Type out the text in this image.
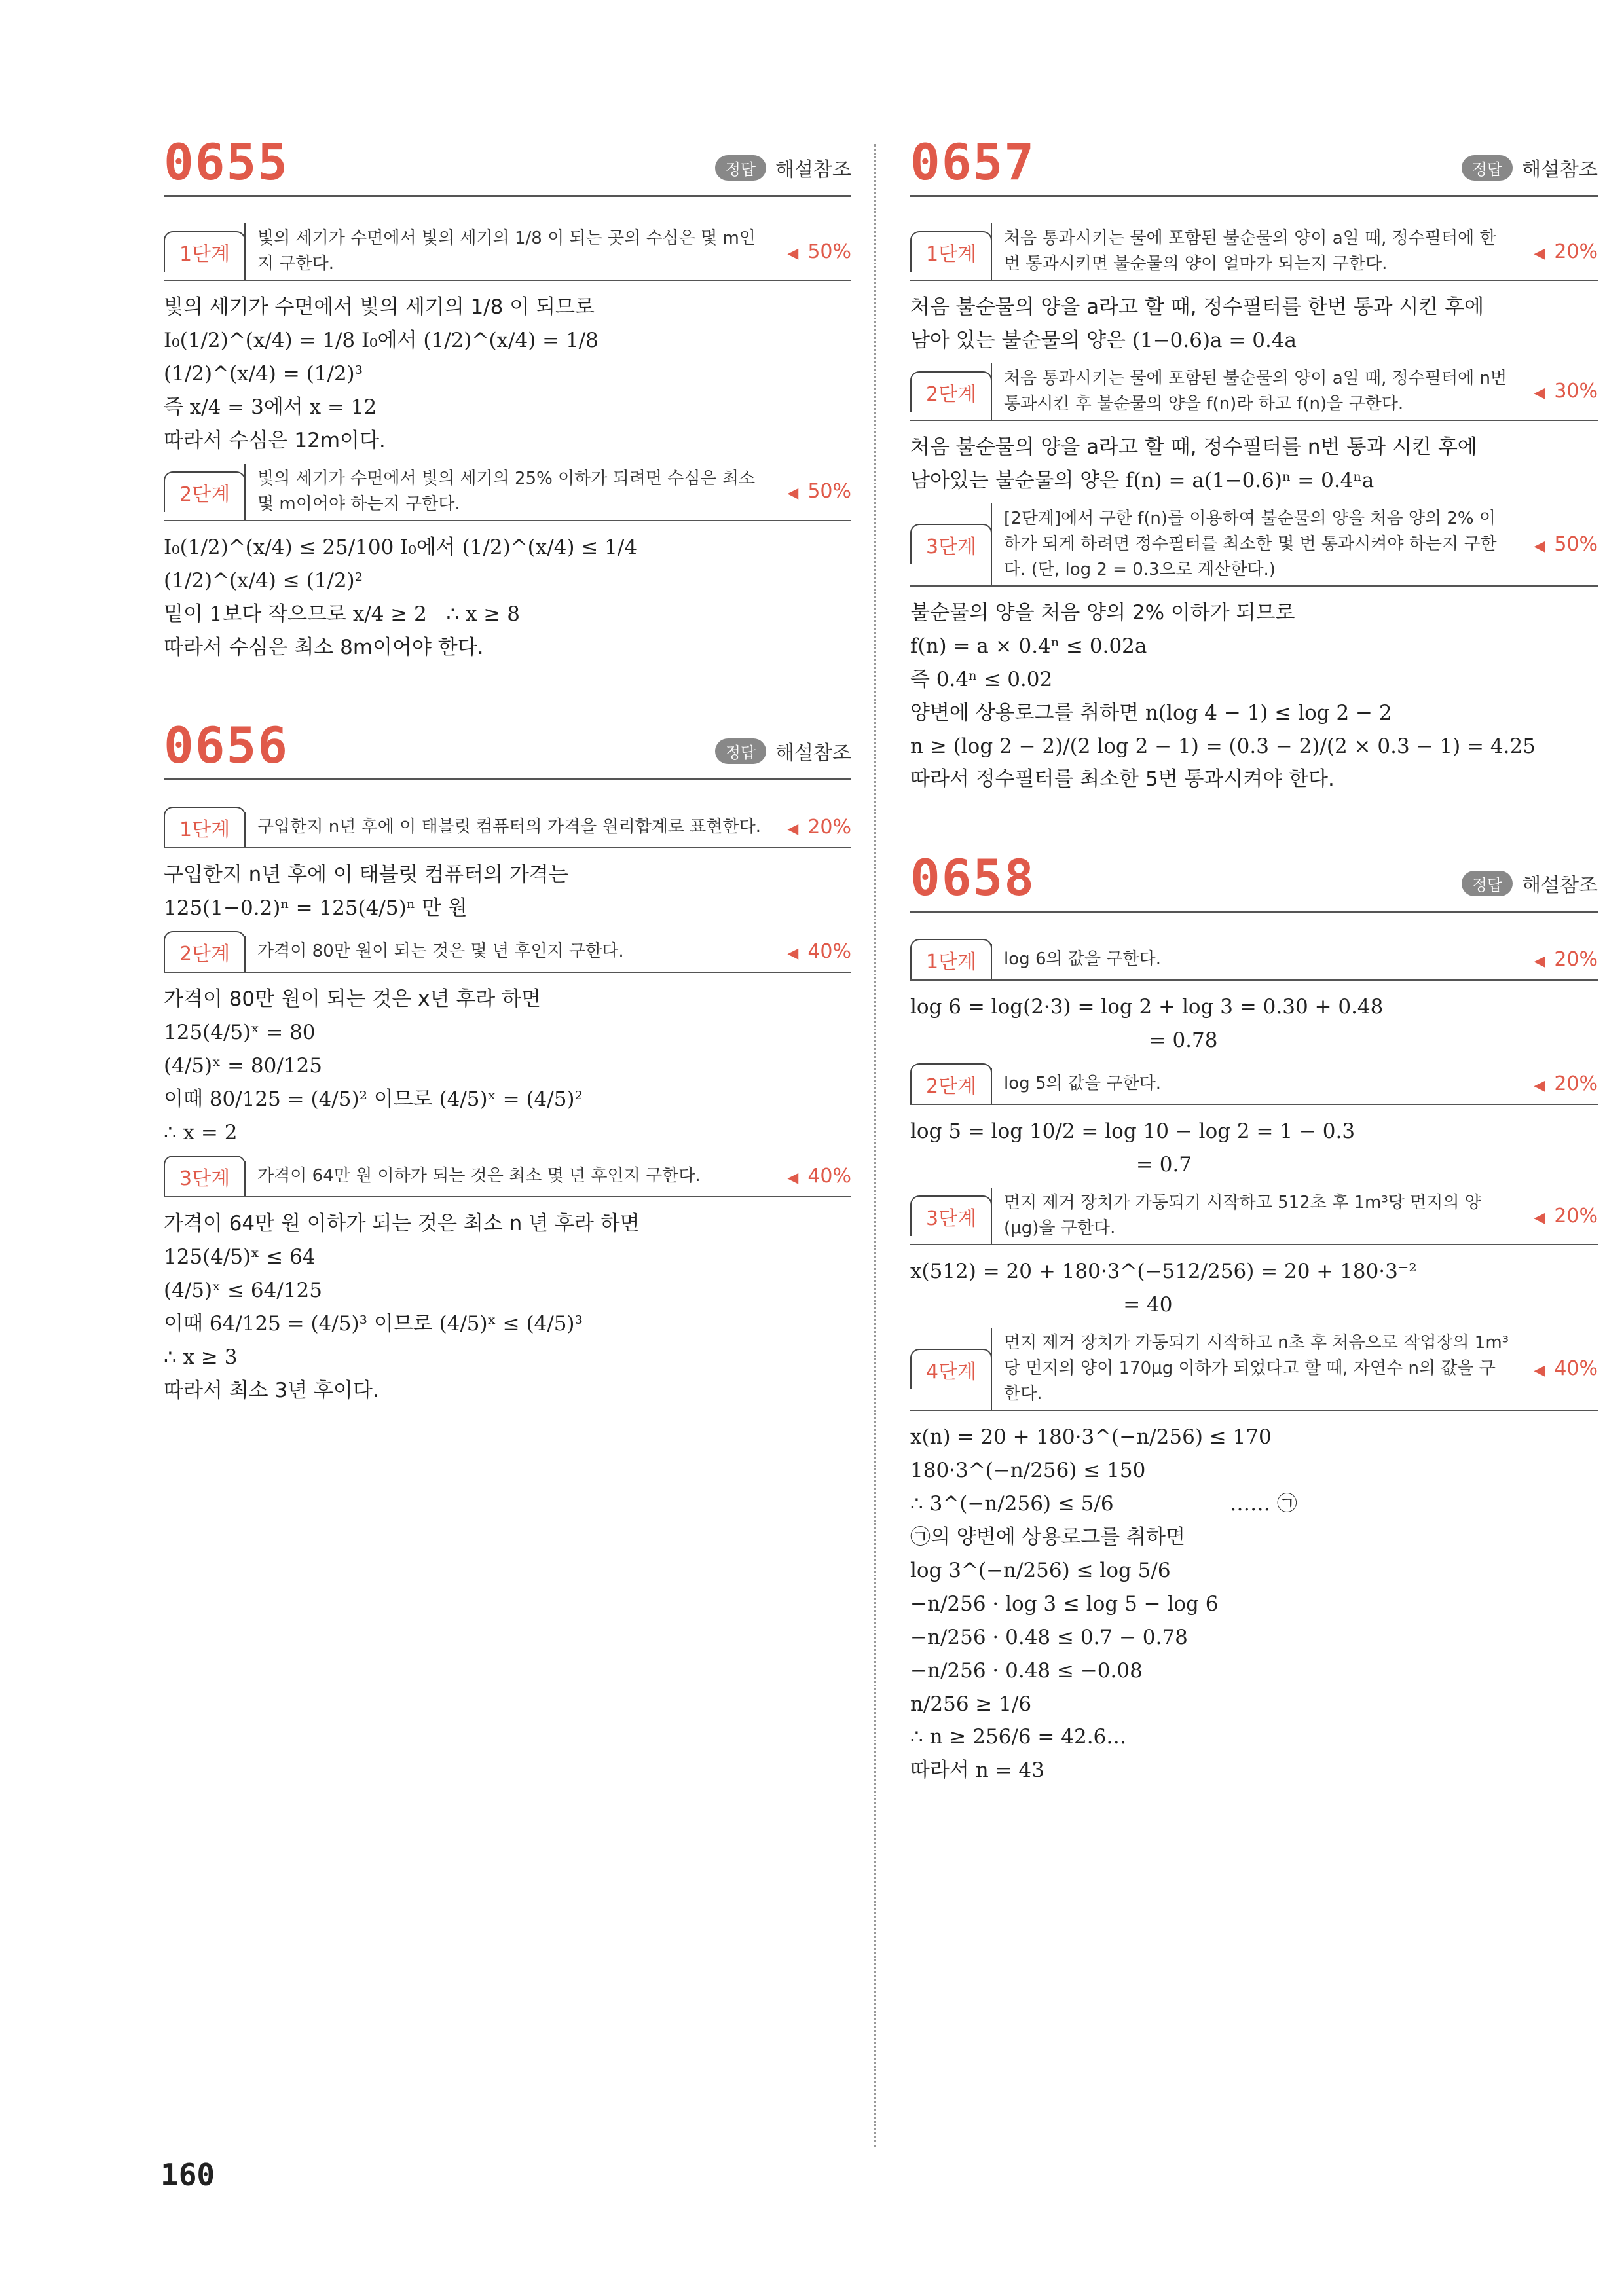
0655	정답	해설참조
1단계
빛의 세기가 수면에서 빛의 세기의 1/8 이 되는 곳의 수심은 몇 m인지 구한다.
◀ 50%
빛의 세기가 수면에서 빛의 세기의 1/8 이 되므로
I₀(1/2)^(x/4) = 1/8 I₀에서 (1/2)^(x/4) = 1/8
(1/2)^(x/4) = (1/2)³
즉 x/4 = 3에서 x = 12
따라서 수심은 12m이다.
2단계
빛의 세기가 수면에서 빛의 세기의 25% 이하가 되려면 수심은 최소 몇 m이어야 하는지 구한다.
◀ 50%
I₀(1/2)^(x/4) ≤ 25/100 I₀에서 (1/2)^(x/4) ≤ 1/4
(1/2)^(x/4) ≤ (1/2)²
밑이 1보다 작으므로 x/4 ≥ 2   ∴ x ≥ 8
따라서 수심은 최소 8m이어야 한다.
0656	정답	해설참조
1단계	구입한지 n년 후에 이 태블릿 컴퓨터의 가격을 원리합계로 표현한다.	◀ 20%
구입한지 n년 후에 이 태블릿 컴퓨터의 가격는
125(1−0.2)ⁿ = 125(4/5)ⁿ 만 원
2단계	가격이 80만 원이 되는 것은 몇 년 후인지 구한다.	◀ 40%
가격이 80만 원이 되는 것은 x년 후라 하면
125(4/5)ˣ = 80
(4/5)ˣ = 80/125
이때 80/125 = (4/5)² 이므로 (4/5)ˣ = (4/5)²
∴ x = 2
3단계	가격이 64만 원 이하가 되는 것은 최소 몇 년 후인지 구한다.	◀ 40%
가격이 64만 원 이하가 되는 것은 최소 n 년 후라 하면
125(4/5)ˣ ≤ 64
(4/5)ˣ ≤ 64/125
이때 64/125 = (4/5)³ 이므로 (4/5)ˣ ≤ (4/5)³
∴ x ≥ 3
따라서 최소 3년 후이다.
0657	정답	해설참조
1단계
처음 통과시키는 물에 포함된 불순물의 양이 a일 때, 정수필터에 한 번 통과시키면 불순물의 양이 얼마가 되는지 구한다.
◀ 20%
처음 불순물의 양을 a라고 할 때, 정수필터를 한번 통과 시킨 후에
남아 있는 불순물의 양은 (1−0.6)a = 0.4a
2단계
처음 통과시키는 물에 포함된 불순물의 양이 a일 때, 정수필터에 n번 통과시킨 후 불순물의 양을 f(n)라 하고 f(n)을 구한다.
◀ 30%
처음 불순물의 양을 a라고 할 때, 정수필터를 n번 통과 시킨 후에
남아있는 불순물의 양은 f(n) = a(1−0.6)ⁿ = 0.4ⁿa
3단계
[2단계]에서 구한 f(n)를 이용하여 불순물의 양을 처음 양의 2% 이하가 되게 하려면 정수필터를 최소한 몇 번 통과시켜야 하는지 구한다. (단, log 2 = 0.3으로 계산한다.)
◀ 50%
불순물의 양을 처음 양의 2% 이하가 되므로
f(n) = a × 0.4ⁿ ≤ 0.02a
즉 0.4ⁿ ≤ 0.02
양변에 상용로그를 취하면 n(log 4 − 1) ≤ log 2 − 2
n ≥ (log 2 − 2)/(2 log 2 − 1) = (0.3 − 2)/(2 × 0.3 − 1) = 4.25
따라서 정수필터를 최소한 5번 통과시켜야 한다.
0658	정답	해설참조
1단계	log 6의 값을 구한다.	◀ 20%
log 6 = log(2·3) = log 2 + log 3 = 0.30 + 0.48
= 0.78
2단계	log 5의 값을 구한다.	◀ 20%
log 5 = log 10/2 = log 10 − log 2 = 1 − 0.3
= 0.7
3단계
먼지 제거 장치가 가동되기 시작하고 512초 후 1m³당 먼지의 양 (μg)을 구한다.
◀ 20%
x(512) = 20 + 180·3^(−512/256) = 20 + 180·3⁻²
= 40
4단계
먼지 제거 장치가 가동되기 시작하고 n초 후 처음으로 작업장의 1m³당 먼지의 양이 170μg 이하가 되었다고 할 때, 자연수 n의 값을 구한다.
◀ 40%
x(n) = 20 + 180·3^(−n/256) ≤ 170
180·3^(−n/256) ≤ 150
∴ 3^(−n/256) ≤ 5/6                  …… ㉠
㉠의 양변에 상용로그를 취하면
log 3^(−n/256) ≤ log 5/6
−n/256 · log 3 ≤ log 5 − log 6
−n/256 · 0.48 ≤ 0.7 − 0.78
−n/256 · 0.48 ≤ −0.08
n/256 ≥ 1/6
∴ n ≥ 256/6 = 42.6…
따라서 n = 43
160
